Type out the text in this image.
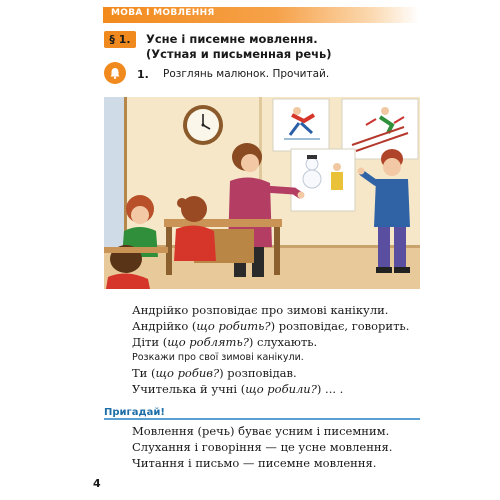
МОВА І МОВЛЕННЯ
§ 1.	Усне і писемне мовлення.
(Устная и письменная речь)
1. Розглянь малюнок. Прочитай.
Андрійко розповідає про зимові канікули.
Андрійко (що робить?) розповідає, говорить.
Діти (що роблять?) слухають.
Розкажи про свої зимові канікули.
Ти (що робив?) розповідав.
Учителька й учні (що робили?) ... .
Пригадай!
Мовлення (речь) буває усним і писемним.
Слухання і говоріння — це усне мовлення.
Читання і письмо — писемне мовлення.
4
